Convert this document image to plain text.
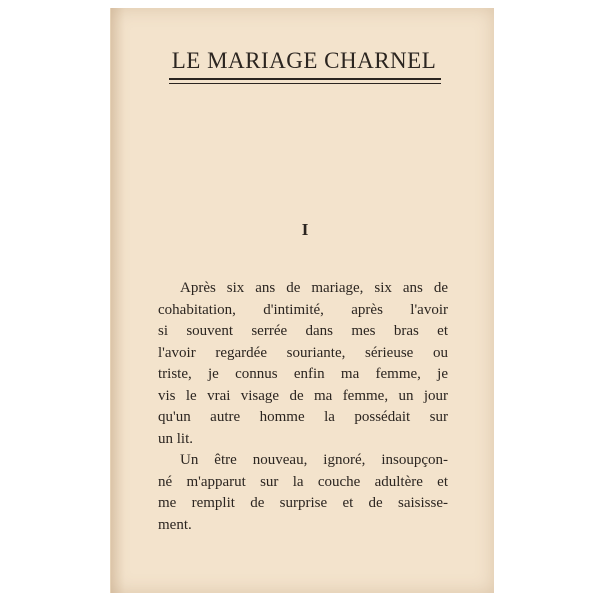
LE MARIAGE CHARNEL
I
Après six ans de mariage, six ans de
cohabitation, d'intimité, après l'avoir
si souvent serrée dans mes bras et
l'avoir regardée souriante, sérieuse ou
triste, je connus enfin ma femme, je
vis le vrai visage de ma femme, un jour
qu'un autre homme la possédait sur
un lit.
Un être nouveau, ignoré, insoupçon-
né m'apparut sur la couche adultère et
me remplit de surprise et de saisisse-
ment.
